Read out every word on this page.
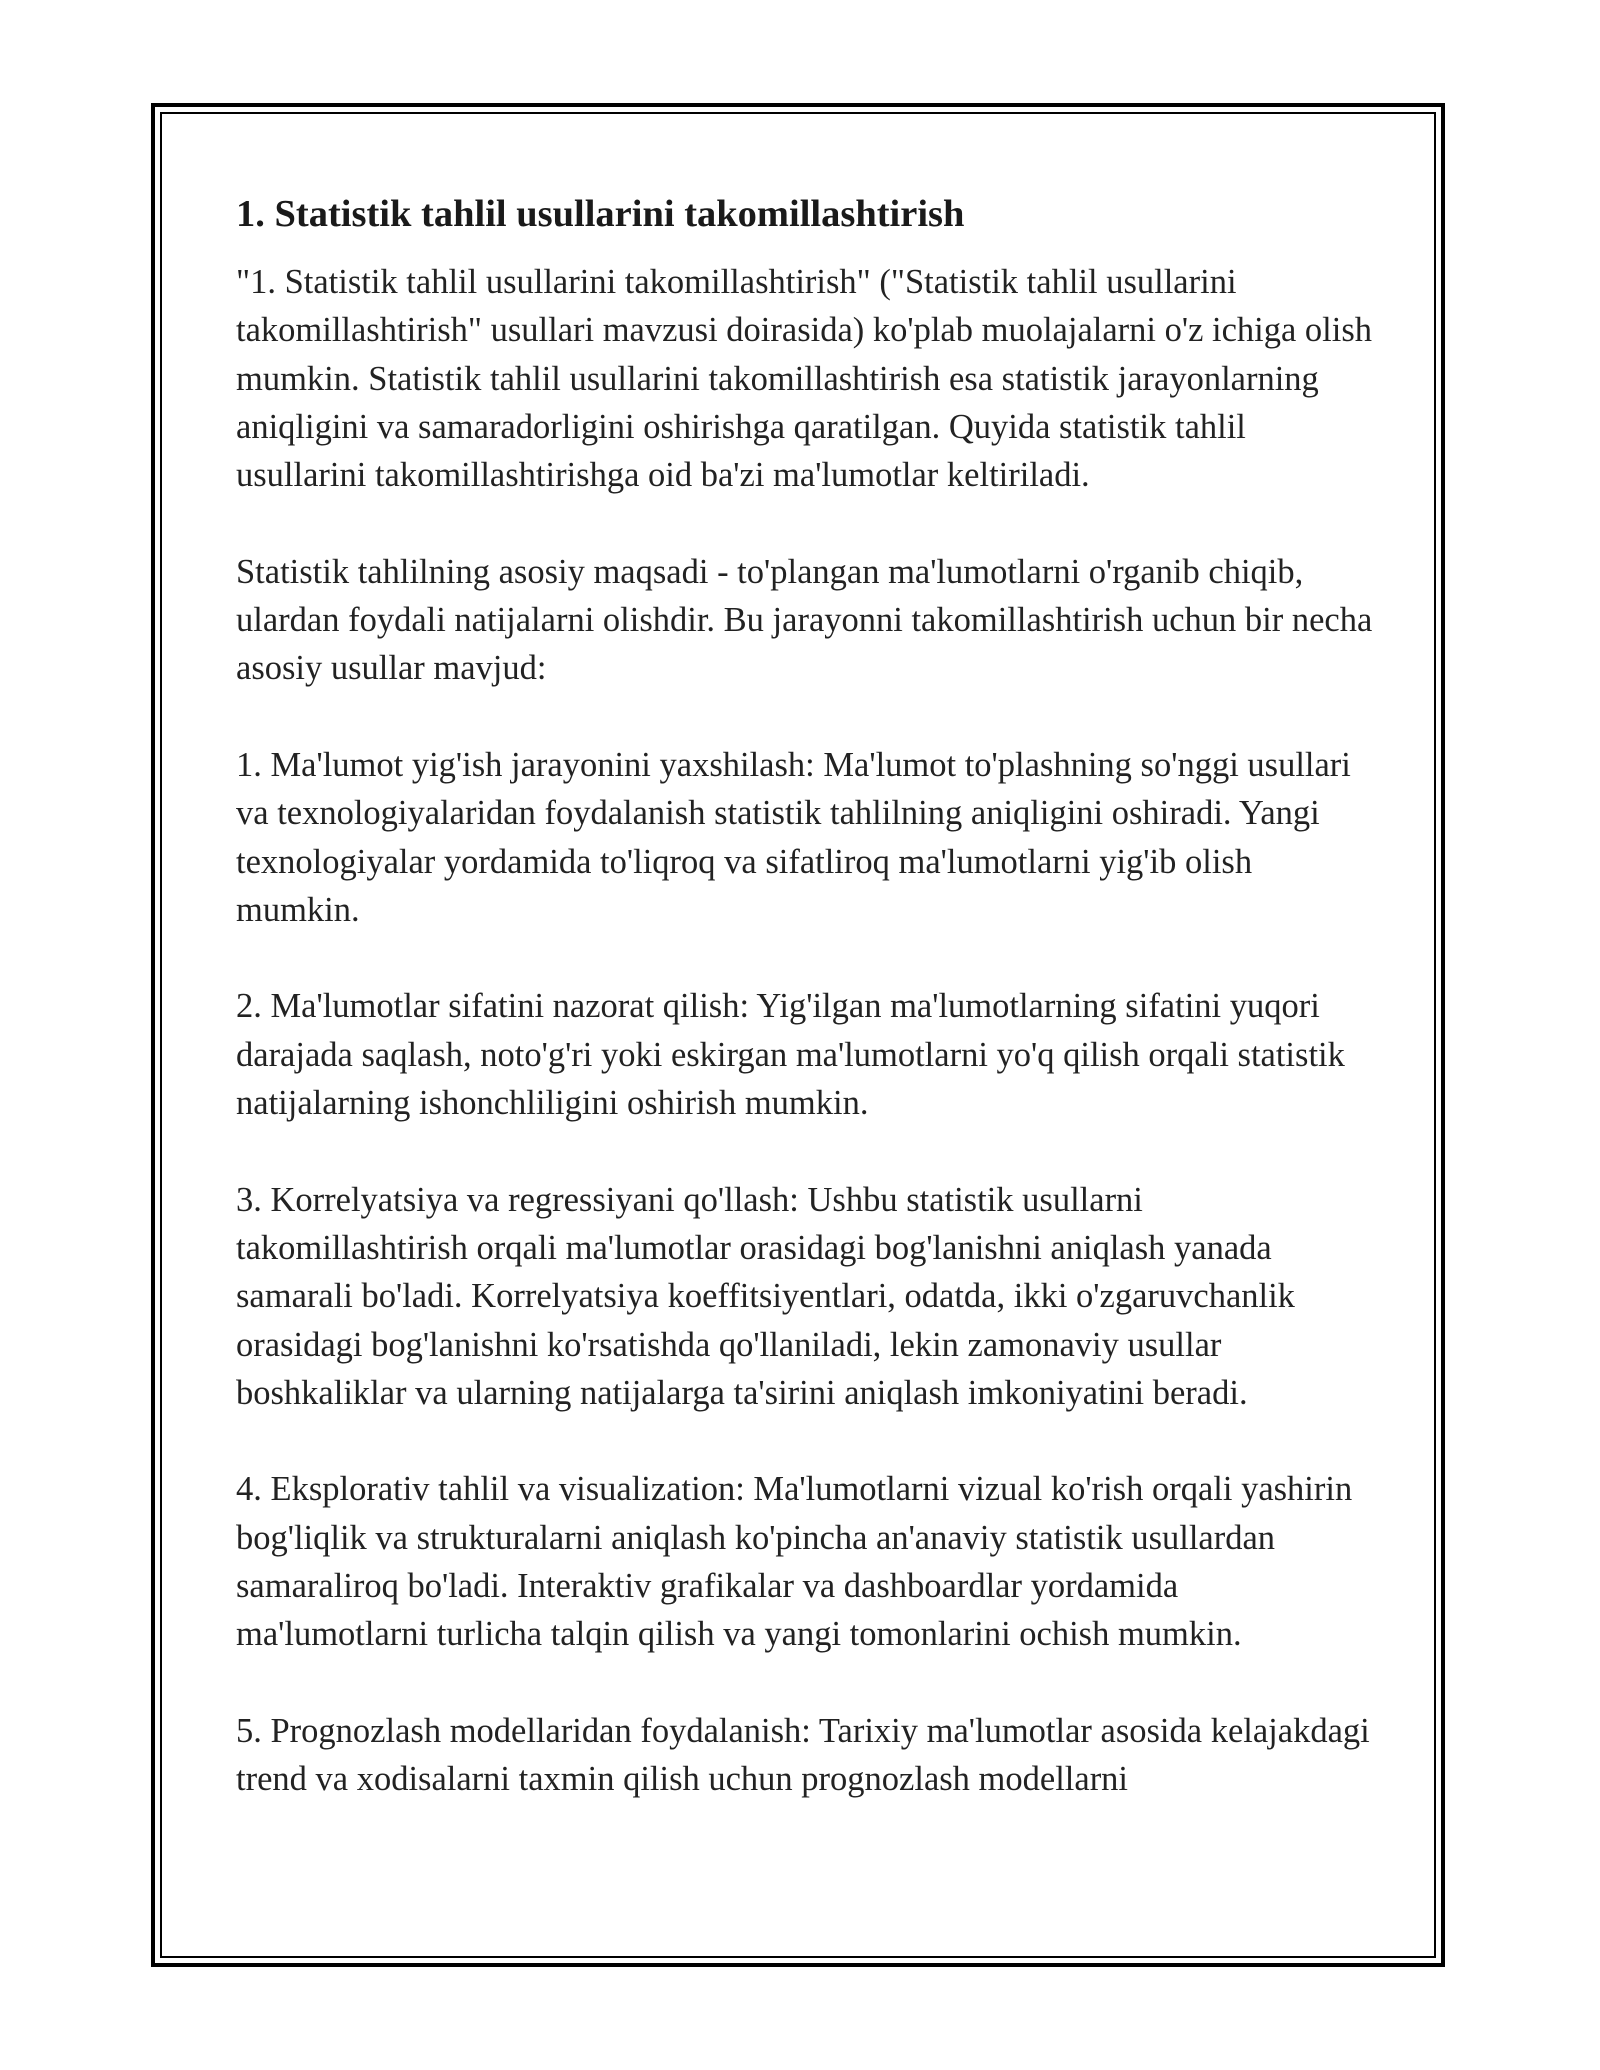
1. Statistik tahlil usullarini takomillashtirish

"1. Statistik tahlil usullarini takomillashtirish" ("Statistik tahlil usullarini takomillashtirish" usullari mavzusi doirasida) ko'plab muolajalarni o'z ichiga olish mumkin. Statistik tahlil usullarini takomillashtirish esa statistik jarayonlarning aniqligini va samaradorligini oshirishga qaratilgan. Quyida statistik tahlil usullarini takomillashtirishga oid ba'zi ma'lumotlar keltiriladi.

Statistik tahlilning asosiy maqsadi - to'plangan ma'lumotlarni o'rganib chiqib, ulardan foydali natijalarni olishdir. Bu jarayonni takomillashtirish uchun bir necha asosiy usullar mavjud:

1. Ma'lumot yig'ish jarayonini yaxshilash: Ma'lumot to'plashning so'nggi usullari va texnologiyalaridan foydalanish statistik tahlilning aniqligini oshiradi. Yangi texnologiyalar yordamida to'liqroq va sifatliroq ma'lumotlarni yig'ib olish mumkin.

2. Ma'lumotlar sifatini nazorat qilish: Yig'ilgan ma'lumotlarning sifatini yuqori darajada saqlash, noto'g'ri yoki eskirgan ma'lumotlarni yo'q qilish orqali statistik natijalarning ishonchliligini oshirish mumkin.

3. Korrelyatsiya va regressiyani qo'llash: Ushbu statistik usullarni takomillashtirish orqali ma'lumotlar orasidagi bog'lanishni aniqlash yanada samarali bo'ladi. Korrelyatsiya koeffitsiyentlari, odatda, ikki o'zgaruvchanlik orasidagi bog'lanishni ko'rsatishda qo'llaniladi, lekin zamonaviy usullar boshkaliklar va ularning natijalarga ta'sirini aniqlash imkoniyatini beradi.

4. Eksplorativ tahlil va visualization: Ma'lumotlarni vizual ko'rish orqali yashirin bog'liqlik va strukturalarni aniqlash ko'pincha an'anaviy statistik usullardan samaraliroq bo'ladi. Interaktiv grafikalar va dashboardlar yordamida ma'lumotlarni turlicha talqin qilish va yangi tomonlarini ochish mumkin.

5. Prognozlash modellaridan foydalanish: Tarixiy ma'lumotlar asosida kelajakdagi trend va xodisalarni taxmin qilish uchun prognozlash modellarni
